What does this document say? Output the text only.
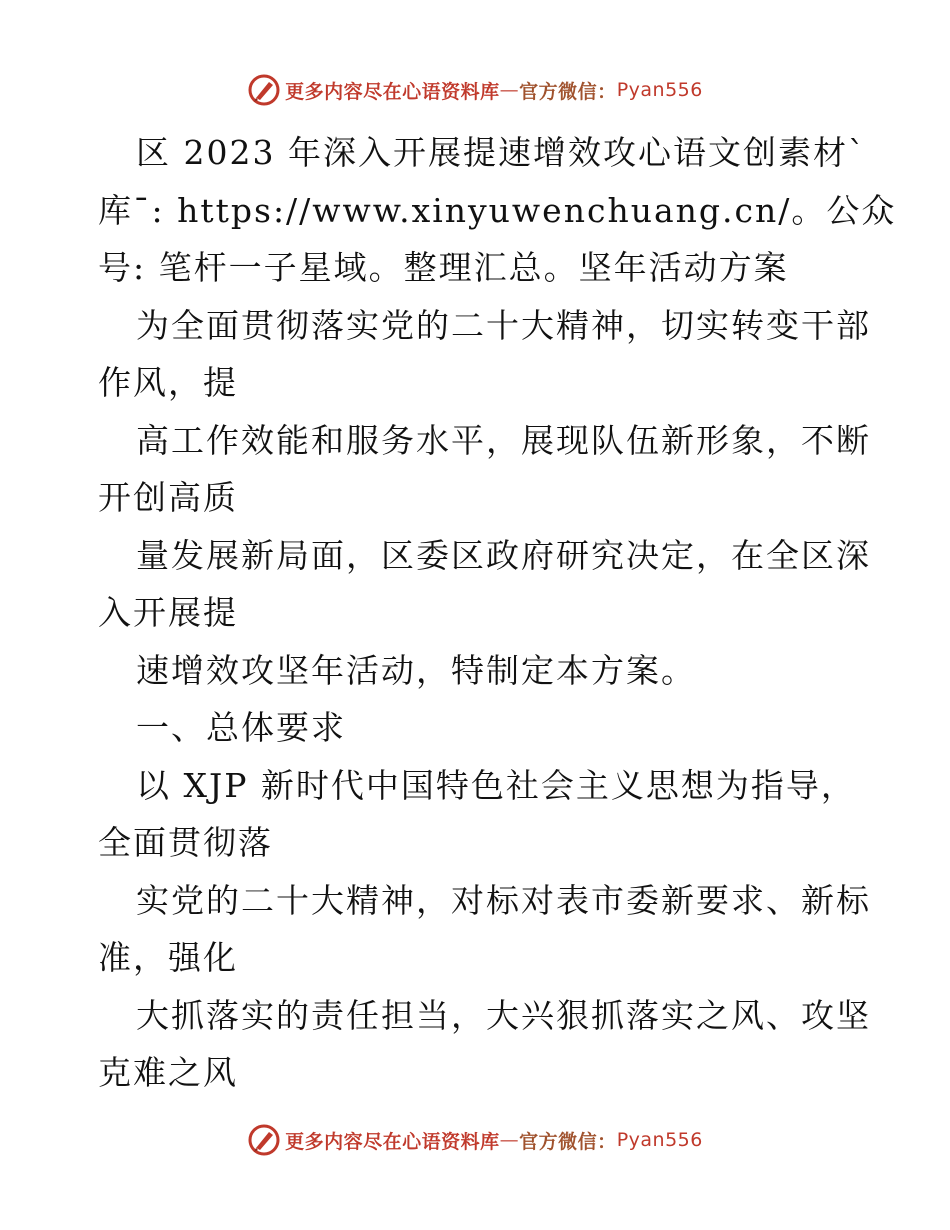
更多内容尽在心语资料库 — 官方微信： Pyan556
区 2023 年深入开展提速增效攻心语文创素材`
库¯: https://www.xinyuwenchuang.cn/。公众
号: 笔杆一子星域。整理汇总。坚年活动方案
为全面贯彻落实党的二十大精神，切实转变干部
作风，提
高工作效能和服务水平，展现队伍新形象，不断
开创高质
量发展新局面，区委区政府研究决定，在全区深
入开展提
速增效攻坚年活动，特制定本方案。
一、总体要求
以 XJP 新时代中国特色社会主义思想为指导，
全面贯彻落
实党的二十大精神，对标对表市委新要求、新标
准，强化
大抓落实的责任担当，大兴狠抓落实之风、攻坚
克难之风
更多内容尽在心语资料库 — 官方微信： Pyan556
